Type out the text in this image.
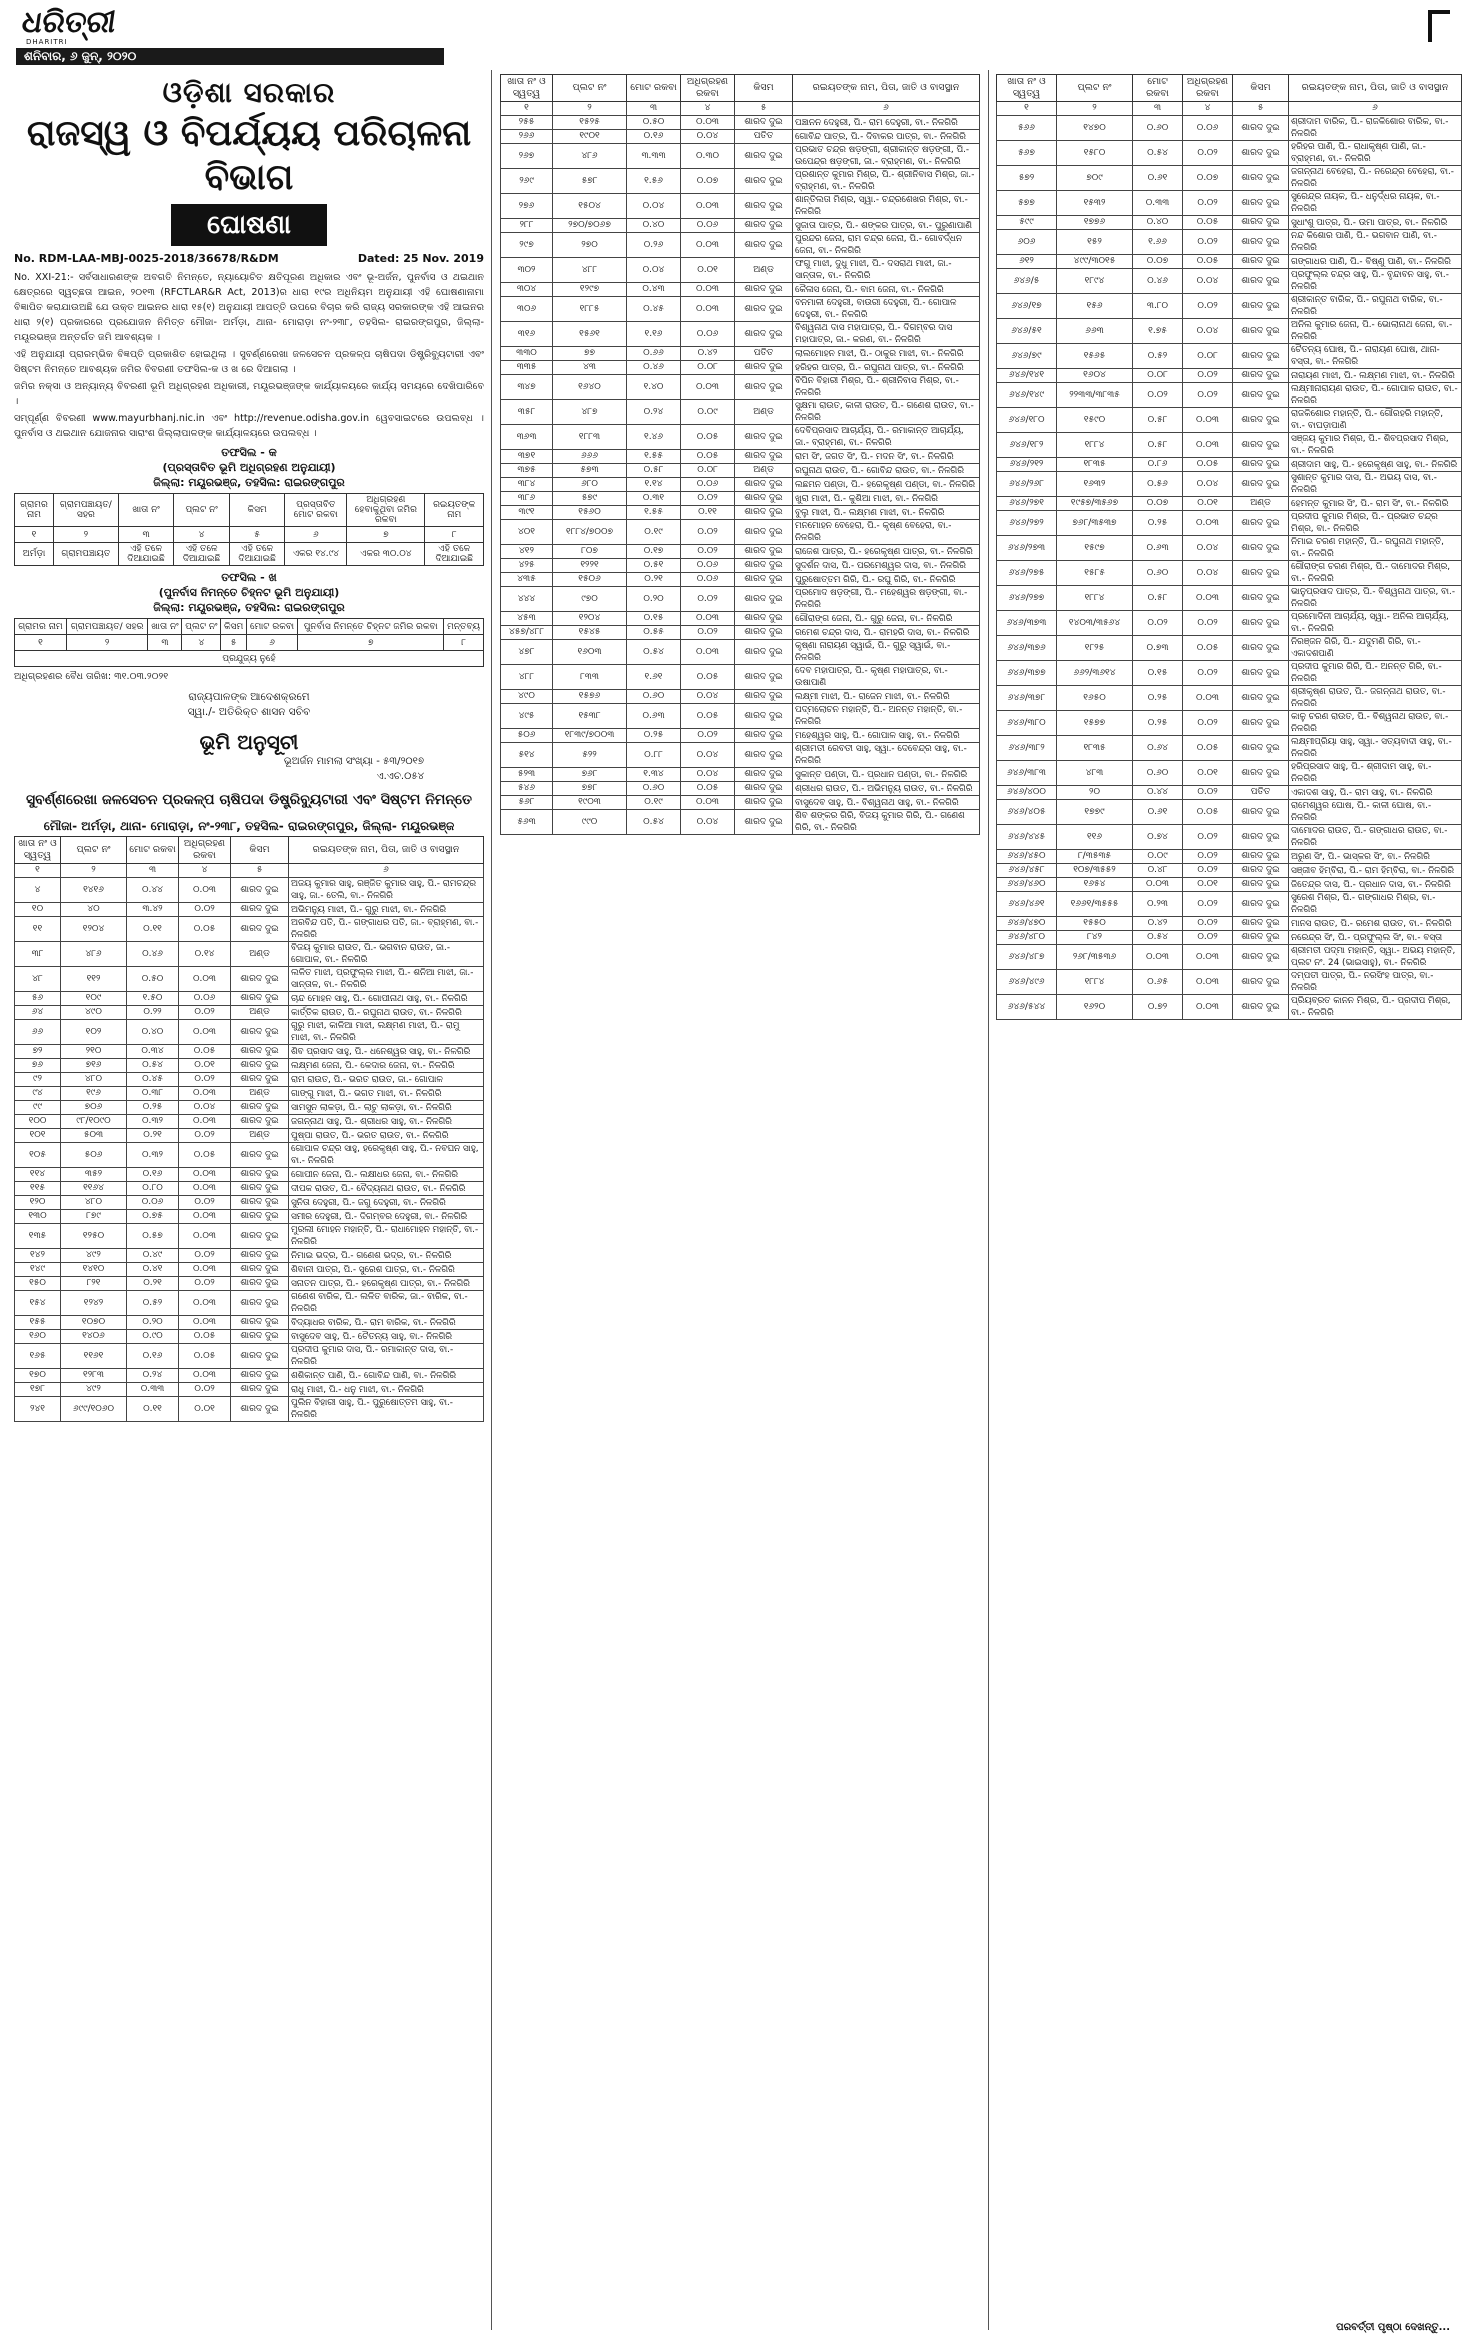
ଧରିତ୍ରୀ
DHARITRI
ଶନିବାର, ୬ ଜୁନ୍, ୨୦୨୦
ଓଡ଼ିଶା ସରକାର
ରାଜସ୍ୱ ଓ ବିପର୍ଯ୍ୟୟ ପରିଚାଳନା ବିଭାଗ
ଘୋଷଣା
No. RDM-LAA-MBJ-0025-2018/36678/R&DM	Dated: 25 Nov. 2019

No. XXI-21:- ସର୍ବସାଧାରଣଙ୍କ ଅବଗତି ନିମନ୍ତେ, ନ୍ୟାୟୋଚିତ କ୍ଷତିପୂରଣ ଅଧିକାର ଏବଂ ଭୂ-ଅର୍ଜନ, ପୁନର୍ବାସ ଓ ଥଇଥାନ କ୍ଷେତ୍ରରେ ସ୍ୱଚ୍ଛତା ଆଇନ, ୨୦୧୩ (RFCTLAR&R Act, 2013)ର ଧାରା ୧୯ର ଅଧିନିୟମ ଅନୁଯାୟୀ ଏହି ଘୋଷଣାନାମା ବିଜ୍ଞାପିତ କରାଯାଉଅଛି ଯେ ଉକ୍ତ ଆଇନର ଧାରା ୧୫(୧) ଅନୁଯାୟୀ ଆପତ୍ତି ଉପରେ ବିଚାର କରି ରାଜ୍ୟ ସରକାରଙ୍କ ଏହି ଆଇନର ଧାରା ୨(୧) ପ୍ରକାରରେ ପ୍ରଯୋଜନ ନିମିତ୍ତ ମୌଜା- ଅର୍ମଡ଼ା, ଥାନା- ମୋରାଡ଼ା ନଂ-୨୩୮, ତହସିଲ- ରାଇରଙ୍ଗପୁର, ଜିଲ୍ଲା- ମୟୂରଭଞ୍ଜ ଅନ୍ତର୍ଗତ ଜମି ଆବଶ୍ୟକ ।

ଏହି ଅନୁଯାୟୀ ପ୍ରାରମ୍ଭିକ ବିଜ୍ଞପ୍ତି ପ୍ରକାଶିତ ହୋଇଥିଲା । ସୁବର୍ଣ୍ଣରେଖା ଜଳସେଚନ ପ୍ରକଳ୍ପ ଚାଷିପଦା ଡିଷ୍ଟ୍ରିବ୍ୟୁଟାରୀ ଏବଂ ସିଷ୍ଟମ ନିମନ୍ତେ ଆବଶ୍ୟକ ଜମିର ବିବରଣୀ ତଫସିଲ-କ ଓ ଖ ରେ ଦିଆଗଲା ।

ଜମିର ନକ୍ସା ଓ ଅନ୍ୟାନ୍ୟ ବିବରଣୀ ଭୂମି ଅଧିଗ୍ରହଣ ଅଧିକାରୀ, ମୟୂରଭଞ୍ଜଙ୍କ କାର୍ଯ୍ୟାଳୟରେ କାର୍ଯ୍ୟ ସମୟରେ ଦେଖିପାରିବେ ।

ସମ୍ପୂର୍ଣ୍ଣ ବିବରଣୀ www.mayurbhanj.nic.in ଏବଂ http://revenue.odisha.gov.in ୱେବସାଇଟରେ ଉପଲବ୍ଧ । ପୁନର୍ବାସ ଓ ଥଇଥାନ ଯୋଜନାର ସାରାଂଶ ଜିଲ୍ଲାପାଳଙ୍କ କାର୍ଯ୍ୟାଳୟରେ ଉପଲବ୍ଧ ।

ତଫସିଲ - କ
(ପ୍ରସ୍ତାବିତ ଭୂମି ଅଧିଗ୍ରହଣ ଅନୁଯାୟୀ)
ଜିଲ୍ଲା: ମୟୂରଭଞ୍ଜ, ତହସିଲ: ରାଇରଙ୍ଗପୁର
ଗ୍ରାମର ନାମ	ଗ୍ରାମପଞ୍ଚାୟତ/ ସହର	ଖାତା ନଂ	ପ୍ଲଟ ନଂ	କିସମ	ପ୍ରସ୍ତାବିତ ମୋଟ ରକବା	ଅଧିଗ୍ରହଣ ହେବାକୁଥିବା ଜମିର ରକବା	ରଇୟତଙ୍କ ନାମ
୧	୨	୩	୪	୫	୬	୭	୮
ଅର୍ମଡ଼ା	ଗ୍ରାମପଞ୍ଚାୟତ	ଏହି ତଳେ ଦିଆଯାଇଛି	ଏହି ତଳେ ଦିଆଯାଇଛି	ଏହି ତଳେ ଦିଆଯାଇଛି	ଏକର ୧୪.୯୪	ଏକର ୩୦.୦୪	ଏହି ତଳେ ଦିଆଯାଇଛି
ତଫସିଲ - ଖ
(ପୁନର୍ବାସ ନିମନ୍ତେ ଚିହ୍ନଟ ଭୂମି ଅନୁଯାୟୀ)
ଜିଲ୍ଲା: ମୟୂରଭଞ୍ଜ, ତହସିଲ: ରାଇରଙ୍ଗପୁର
ଗ୍ରାମର ନାମ	ଗ୍ରାମପଞ୍ଚାୟତ/ ସହର	ଖାତା ନଂ	ପ୍ଲଟ ନଂ	କିସମ	ମୋଟ ରକବା	ପୁନର୍ବାସ ନିମନ୍ତେ ଚିହ୍ନଟ ଜମିର ରକବା	ମନ୍ତବ୍ୟ
୧	୨	୩	୪	୫	୬	୭	୮
ପ୍ରଯୁଜ୍ୟ ନୁହେଁ							
ଅଧିଗ୍ରହଣର ବୈଧ ତାରିଖ: ୩୧.୦୩.୨୦୨୧
ରାଜ୍ୟପାଳଙ୍କ ଆଦେଶକ୍ରମେ
ସ୍ୱା./- ଅତିରିକ୍ତ ଶାସନ ସଚିବ
ଭୂମି ଅନୁସୂଚୀ
ଭୂଅର୍ଜନ ମାମଲା ସଂଖ୍ୟା - ୫୩/୨୦୧୭
ଏ.ଏଚ.୦୫୪
ସୁବର୍ଣ୍ଣରେଖା ଜଳସେଚନ ପ୍ରକଳ୍ପ ଚାଷିପଦା ଡିଷ୍ଟ୍ରିବ୍ୟୁଟାରୀ ଏବଂ ସିଷ୍ଟମ ନିମନ୍ତେ
ମୌଜା- ଅର୍ମଡ଼ା, ଥାନା- ମୋରାଡ଼ା, ନଂ-୨୩୮, ତହସିଲ- ରାଇରଙ୍ଗପୁର, ଜିଲ୍ଲା- ମୟୂରଭଞ୍ଜ
ଖାତା ନଂ ଓ ସ୍ୱତ୍ୱ	ପ୍ଲଟ ନଂ	ମୋଟ ରକବା	ଅଧିଗ୍ରହଣ ରକବା	କିସମ	ରଇୟତଙ୍କ ନାମ, ପିତା, ଜାତି ଓ ବାସସ୍ଥାନ
୧	୨	୩	୪	୫	୬
୪	୧୪୧୬	୦.୪୪	୦.୦୩	ଶାରଦ ଦୁଇ	ଅଜୟ କୁମାର ସାହୁ, ରଞ୍ଜିତ କୁମାର ସାହୁ, ପି.- ରାମଚନ୍ଦ୍ର ସାହୁ, ଜା.- ତେଲି, ବା.- ନିଳଗିରି
୧୦	୪୦	୩.୪୨	୦.୦୨	ଶାରଦ ଦୁଇ	ଅଭିମନ୍ୟୁ ମାଝୀ, ପି.- ଗୁରୁ ମାଝୀ, ବା.- ନିଳଗିରି
୧୧	୧୨୦୪	୦.୧୧	୦.୦୫	ଶାରଦ ଦୁଇ	ଅରବିନ୍ଦ ପତି, ପି.- ଗଙ୍ଗାଧର ପତି, ଜା.- ବ୍ରାହ୍ମଣ, ବା.- ନିଳଗିରି
୩୮	୪୮୬	୦.୪୬	୦.୧୪	ଅଣ୍ଡ	ବିଜୟ କୁମାର ରାଉତ, ପି.- ଭଗବାନ ରାଉତ, ଜା.- ଗୋପାଳ, ବା.- ନିଳଗିରି
୪୮	୧୧୨	୦.୫୦	୦.୦୩	ଶାରଦ ଦୁଇ	ଲଳିତ ମାଝୀ, ପ୍ରଫୁଲ୍ଲ ମାଝୀ, ପି.- ଶନିଆ ମାଝୀ, ଜା.- ସାନ୍ତାଳ, ବା.- ନିଳଗିରି
୫୬	୧୦୯	୧.୫୦	୦.୦୬	ଶାରଦ ଦୁଇ	ଚାନ୍ଦ ମୋହନ ସାହୁ, ପି.- ଗୋପୀନାଥ ସାହୁ, ବା.- ନିଳଗିରି
୬୪	୪୯୦	୦.୨୨	୦.୦୨	ଅଣ୍ଡ	କାର୍ତ୍ତିକ ରାଉତ, ପି.- ରଘୁନାଥ ରାଉତ, ବା.- ନିଳଗିରି
୬୬	୧୦୨	୦.୪୦	୦.୦୩	ଶାରଦ ଦୁଇ	ଗୁରୁ ମାଝୀ, କାଳିଆ ମାଝୀ, ଲକ୍ଷ୍ମଣ ମାଝୀ, ପି.- ରାମୁ ମାଝୀ, ବା.- ନିଳଗିରି
୭୨	୨୧୦	୦.୩୪	୦.୦୫	ଶାରଦ ଦୁଇ	ଶିବ ପ୍ରସାଦ ସାହୁ, ପି.- ଧନେଶ୍ୱର ସାହୁ, ବା.- ନିଳଗିରି
୭୬	୭୧୬	୦.୫୪	୦.୦୧	ଶାରଦ ଦୁଇ	ଲକ୍ଷ୍ମଣ ଜେନା, ପି.- କେଦାର ଜେନା, ବା.- ନିଳଗିରି
୯୨	୪୮୦	୦.୪୫	୦.୦୨	ଶାରଦ ଦୁଇ	ରାମ ରାଉତ, ପି.- ଭରତ ରାଉତ, ଜା.- ଗୋପାଳ
୯୪	୧୯୬	୦.୩୮	୦.୦୩	ଅଣ୍ଡ	ଗାଙ୍ଗୁ ମାଝୀ, ପି.- ଭଗତ ମାଝୀ, ବା.- ନିଳଗିରି
୯୯	୭୦୬	୦.୨୫	୦.୦୪	ଶାରଦ ଦୁଇ	ସାମସୁନ ଲାକଡ଼ା, ପି.- ଲାଚୁ ଲାକଡ଼ା, ବା.- ନିଳଗିରି
୧୦୦	୯୮/୧୦୯୦	୦.୩୨	୦.୦୩	ଶାରଦ ଦୁଇ	ଜଗନ୍ନାଥ ସାହୁ, ପି.- ଶ୍ରୀଧର ସାହୁ, ବା.- ନିଳଗିରି
୧୦୧	୫୦୩	୦.୨୧	୦.୦୨	ଅଣ୍ଡ	ପୁଷ୍ପା ରାଉତ, ପି.- ଭରତ ରାଉତ, ବା.- ନିଳଗିରି
୧୦୫	୫୦୬	୦.୩୨	୦.୦୫	ଶାରଦ ଦୁଇ	ଗୋପାଳ ଚନ୍ଦ୍ର ସାହୁ, ହରେକୃଷ୍ଣ ସାହୁ, ପି.- ନବଘନ ସାହୁ, ବା.- ନିଳଗିରି
୧୧୪	୩୫୨	୦.୧୬	୦.୦୩	ଶାରଦ ଦୁଇ	ଗୋପୀନ ଜେନା, ପି.- ଲକ୍ଷୀଧର ଜେନା, ବା.- ନିଳଗିରି
୧୧୫	୧୧୬୪	୦.୮୦	୦.୦୩	ଶାରଦ ଦୁଇ	ଦୀପକ ରାଉତ, ପି.- ବୈଦ୍ୟନାଥ ରାଉତ, ବା.- ନିଳଗିରି
୧୨୦	୪୮୦	୦.୦୬	୦.୦୨	ଶାରଦ ଦୁଇ	ସୁନିତା ଦେହୁରୀ, ପି.- ଜଗୁ ଦେହୁରୀ, ବା.- ନିଳଗିରି
୧୩୦	୮୭୯	୦.୭୫	୦.୦୩	ଶାରଦ ଦୁଇ	ସମୀର ଦେହୁରୀ, ପି.- ଦିଗମ୍ବର ଦେହୁରୀ, ବା.- ନିଳଗିରି
୧୩୫	୧୨୫୦	୦.୫୭	୦.୦୩	ଶାରଦ ଦୁଇ	ମୁରଲୀ ମୋହନ ମହାନ୍ତି, ପି.- ରାଧାମୋହନ ମହାନ୍ତି, ବା.- ନିଳଗିରି
୧୪୨	୪୯୨	୦.୪୯	୦.୦୨	ଶାରଦ ଦୁଇ	ନିମାଇ ଭଦ୍ର, ପି.- ଗଣେଶ ଭଦ୍ର, ବା.- ନିଳଗିରି
୧୪୯	୧୪୧୦	୦.୪୧	୦.୦୩	ଶାରଦ ଦୁଇ	ଶିବାନୀ ପାତ୍ର, ପି.- ସୁରେଶ ପାତ୍ର, ବା.- ନିଳଗିରି
୧୫୦	୮୨୧	୦.୨୧	୦.୦୨	ଶାରଦ ଦୁଇ	ସନାତନ ପାତ୍ର, ପି.- ହରେକୃଷ୍ଣ ପାତ୍ର, ବା.- ନିଳଗିରି
୧୫୪	୧୨୪୨	୦.୫୨	୦.୦୩	ଶାରଦ ଦୁଇ	ଗଣେଶ ବାରିକ, ପି.- ଲଳିତ ବାରିକ, ଜା.- ବାରିକ, ବା.- ନିଳଗିରି
୧୫୫	୧୦୭୦	୦.୨୦	୦.୦୩	ଶାରଦ ଦୁଇ	ବିଦ୍ୟାଧର ବାରିକ, ପି.- ରାମ ବାରିକ, ବା.- ନିଳଗିରି
୧୬୦	୧୪୦୬	୦.୯୦	୦.୦୫	ଶାରଦ ଦୁଇ	ବାସୁଦେବ ସାହୁ, ପି.- ଚୈତନ୍ୟ ସାହୁ, ବା.- ନିଳଗିରି
୧୬୫	୧୧୬୧	୦.୧୬	୦.୦୫	ଶାରଦ ଦୁଇ	ପ୍ରଦୀପ କୁମାର ଦାସ, ପି.- ରମାକାନ୍ତ ଦାସ, ବା.- ନିଳଗିରି
୧୭୦	୧୨୮୩	୦.୨୪	୦.୦୩	ଶାରଦ ଦୁଇ	ଶଶିକାନ୍ତ ପାଣି, ପି.- ଗୋବିନ୍ଦ ପାଣି, ବା.- ନିଳଗିରି
୧୭୮	୪୯୨	୦.୩୩	୦.୦୨	ଶାରଦ ଦୁଇ	ରାଧୁ ମାଝୀ, ପି.- ଧନୁ ମାଝୀ, ବା.- ନିଳଗିରି
୨୪୧	୬୯୯/୧୦୬୦	୦.୧୧	୦.୦୧	ଶାରଦ ଦୁଇ	ପୁଲିନ ବିହାରୀ ସାହୁ, ପି.- ପୁରୁଷୋତ୍ତମ ସାହୁ, ବା.- ନିଳଗିରି
ଖାତା ନଂ ଓ ସ୍ୱତ୍ୱ	ପ୍ଲଟ ନଂ	ମୋଟ ରକବା	ଅଧିଗ୍ରହଣ ରକବା	କିସମ	ରଇୟତଙ୍କ ନାମ, ପିତା, ଜାତି ଓ ବାସସ୍ଥାନ
୧	୨	୩	୪	୫	୬
୨୫୫	୧୫୨୫	୦.୫୦	୦.୦୩	ଶାରଦ ଦୁଇ	ପଞ୍ଚାନନ ଦେହୁରୀ, ପି.- ରାମ ଦେହୁରୀ, ବା.- ନିଳଗିରି
୨୬୬	୧୯୦୧	୦.୧୬	୦.୦୪	ପତିତ	ଗୋବିନ୍ଦ ପାତ୍ର, ପି.- ଦିବାକର ପାତ୍ର, ବା.- ନିଳଗିରି
୨୬୭	୪୮୬	୩.୩୩	୦.୩୦	ଶାରଦ ଦୁଇ	ପ୍ରଭାତ ଚନ୍ଦ୍ର ଷଡ଼ଙ୍ଗୀ, ଶ୍ରୀକାନ୍ତ ଷଡ଼ଙ୍ଗୀ, ପି.- ଉପେନ୍ଦ୍ର ଷଡ଼ଙ୍ଗୀ, ଜା.- ବ୍ରାହ୍ମଣ, ବା.- ନିଳଗିରି
୨୬୯	୫୭୮	୧.୫୬	୦.୦୭	ଶାରଦ ଦୁଇ	ପ୍ରଶାନ୍ତ କୁମାର ମିଶ୍ର, ପି.- ଶ୍ରୀନିବାସ ମିଶ୍ର, ଜା.- ବ୍ରାହ୍ମଣ, ବା.- ନିଳଗିରି
୨୭୬	୧୫୦୪	୦.୦୪	୦.୦୩	ଶାରଦ ଦୁଇ	ଶାନ୍ତିଲତା ମିଶ୍ର, ସ୍ୱା.- ଚନ୍ଦ୍ରଶେଖର ମିଶ୍ର, ବା.- ନିଳଗିରି
୨୮୮	୨୭୦/୭୦୬୭	୦.୪୦	୦.୦୬	ଶାରଦ ଦୁଇ	ସୁଜାତା ପାତ୍ର, ପି.- ଶଙ୍କର ପାତ୍ର, ବା.- ପୁରୁଣାପାଣି
୨୯୭	୨୭୦	୦.୨୬	୦.୦୩	ଶାରଦ ଦୁଇ	ପୁରନ୍ଦର ଜେନା, ରାମ ଚନ୍ଦ୍ର ଜେନା, ପି.- ଗୋବର୍ଦ୍ଧନ ଜେନା, ବା.- ନିଳଗିରି
୩୦୨	୪୮୮	୦.୦୪	୦.୦୧	ଅଣ୍ଡ	ଫଗୁ ମାଝୀ, ଦୁଧୁ ମାଝୀ, ପି.- ଦସରାଥ ମାଝୀ, ଜା.- ସାନ୍ତାଳ, ବା.- ନିଳଗିରି
୩୦୪	୧୨୯୭	୦.୪୩	୦.୦୩	ଶାରଦ ଦୁଇ	କୈଳାସ ଜେନା, ପି.- ବାମ ଜେନା, ବା.- ନିଳଗିରି
୩୦୬	୧୮୮୫	୦.୪୫	୦.୦୩	ଶାରଦ ଦୁଇ	ବନମାଳୀ ଦେହୁରୀ, ବାଉରୀ ଦେହୁରୀ, ପି.- ଗୋପାଳ ଦେହୁରୀ, ବା.- ନିଳଗିରି
୩୧୬	୧୫୬୧	୧.୧୬	୦.୦୬	ଶାରଦ ଦୁଇ	ବିଶ୍ୱନାଥ ଦାସ ମହାପାତ୍ର, ପି.- ଦିଗମ୍ବର ଦାସ ମହାପାତ୍ର, ଜା.- କରଣ, ବା.- ନିଳଗିରି
୩୩୦	୭୭	୦.୬୬	୦.୪୨	ପତିତ	ଲାଲମୋହନ ମାଝୀ, ପି.- ଠାକୁର ମାଝୀ, ବା.- ନିଳଗିରି
୩୩୫	୪୩	୦.୪୬	୦.୦୮	ଶାରଦ ଦୁଇ	ହରିହର ପାତ୍ର, ପି.- ରଘୁନାଥ ପାତ୍ର, ବା.- ନିଳଗିରି
୩୪୭	୧୬୪୦	୧.୪୦	୦.୦୩	ଶାରଦ ଦୁଇ	ବିପିନ ବିହାରୀ ମିଶ୍ର, ପି.- ଶ୍ରୀନିବାସ ମିଶ୍ର, ବା.- ନିଳଗିରି
୩୫୮	୪୮୭	୦.୨୪	୦.୦୯	ଅଣ୍ଡ	ସୁକ୍ଷମା ରାଉତ, କାଳୀ ରାଉତ, ପି.- ଗଣେଶ ରାଉତ, ବା.- ନିଳଗିରି
୩୬୩	୧୮୮୩	୧.୪୬	୦.୦୫	ଶାରଦ ଦୁଇ	ଦେବିପ୍ରସାଦ ଆଚାର୍ଯ୍ୟ, ପି.- ରମାକାନ୍ତ ଆଚାର୍ଯ୍ୟ, ଜା.- ବ୍ରାହ୍ମଣ, ବା.- ନିଳଗିରି
୩୭୧	୬୬୬	୧.୫୫	୦.୦୫	ଶାରଦ ଦୁଇ	ରାମ ସିଂ, ଜଗତ ସିଂ, ପି.- ମଦନ ସିଂ, ବା.- ନିଳଗିରି
୩୭୫	୫୭୩	୦.୫୮	୦.୦୮	ଅଣ୍ଡ	ରଘୁନାଥ ରାଉତ, ପି.- ଗୋବିନ୍ଦ ରାଉତ, ବା.- ନିଳଗିରି
୩୮୪	୬୮୦	୧.୧୪	୦.୦୬	ଶାରଦ ଦୁଇ	ଲଛମନ ପଣ୍ଡା, ପି.- ହରେକୃଷ୍ଣ ପଣ୍ଡା, ବା.- ନିଳଗିରି
୩୮୬	୫୭୯	୦.୩୧	୦.୦୨	ଶାରଦ ଦୁଇ	ଖୁରା ମାଝୀ, ପି.- କୁଶିଆ ମାଝୀ, ବା.- ନିଳଗିରି
୩୯୧	୧୫୬୦	୧.୫୫	୦.୧୧	ଶାରଦ ଦୁଇ	ବୁଲୁ ମାଝୀ, ପି.- ଲକ୍ଷ୍ମଣ ମାଝୀ, ବା.- ନିଳଗିରି
୪୦୧	୧୮୮୪/୭୦୦୭	୦.୧୯	୦.୦୨	ଶାରଦ ଦୁଇ	ମନମୋହନ ବେହେରା, ପି.- କୃଷ୍ଣ ବେହେରା, ବା.- ନିଳଗିରି
୪୧୨	୮୦୭	୦.୧୭	୦.୦୨	ଶାରଦ ଦୁଇ	ରାଜେଶ ପାତ୍ର, ପି.- ହରେକୃଷ୍ଣ ପାତ୍ର, ବା.- ନିଳଗିରି
୪୨୫	୧୨୨୧	୦.୫୧	୦.୦୬	ଶାରଦ ଦୁଇ	ସୁଦର୍ଶନ ଦାସ, ପି.- ପରମେଶ୍ୱର ଦାସ, ବା.- ନିଳଗିରି
୪୩୫	୧୫୦୬	୦.୨୧	୦.୦୬	ଶାରଦ ଦୁଇ	ପୁରୁଷୋତ୍ତମ ଗିରି, ପି.- ରଘୁ ଗିରି, ବା.- ନିଳଗିରି
୪୪୪	୯୭୦	୦.୨୦	୦.୦୨	ଶାରଦ ଦୁଇ	ପ୍ରମୋଦ ଷଡ଼ଙ୍ଗୀ, ପି.- ମହେଶ୍ୱର ଷଡ଼ଙ୍ଗୀ, ବା.- ନିଳଗିରି
୪୫୩	୧୨୦୪	୦.୧୫	୦.୦୩	ଶାରଦ ଦୁଇ	ଗୌରାଙ୍ଗ ଜେନା, ପି.- ଗୁରୁ ଜେନା, ବା.- ନିଳଗିରି
୪୫୭/୪୮୮	୧୫୪୫	୦.୫୫	୦.୦୨	ଶାରଦ ଦୁଇ	ରମେଶ ଚନ୍ଦ୍ର ଦାସ, ପି.- ରାମହରି ଦାସ, ବା.- ନିଳଗିରି
୪୭୮	୧୬୦୩	୦.୫୪	୦.୦୩	ଶାରଦ ଦୁଇ	କୃଷ୍ଣା ନାରାୟଣ ସ୍ୱାଇଁ, ପି.- ଗୁରୁ ସ୍ୱାଇଁ, ବା.- ନିଳଗିରି
୪୮୮	୮୩୩	୧.୬୧	୦.୦୫	ଶାରଦ ଦୁଇ	ଦେବ ମହାପାତ୍ର, ପି.- କୃଷ୍ଣ ମହାପାତ୍ର, ବା.- ଉଷାପାଣି
୪୯୦	୧୫୭୬	୦.୬୦	୦.୦୪	ଶାରଦ ଦୁଇ	ଲକ୍ଷ୍ମୀ ମାଝୀ, ପି.- ରାଜେନ ମାଝୀ, ବା.- ନିଳଗିରି
୪୯୫	୧୫୩୮	୦.୬୩	୦.୦୫	ଶାରଦ ଦୁଇ	ପଦ୍ମଲୋଚନ ମହାନ୍ତି, ପି.- ଅନନ୍ତ ମହାନ୍ତି, ବା.- ନିଳଗିରି
୫୦୬	୧୮୩୯/୭୦୦୩	୦.୨୫	୦.୦୨	ଶାରଦ ଦୁଇ	ମହେଶ୍ୱର ସାହୁ, ପି.- ଗୋପାଳ ସାହୁ, ବା.- ନିଳଗିରି
୫୧୪	୫୨୨	୦.୮୮	୦.୦୪	ଶାରଦ ଦୁଇ	ଶ୍ରୀମତୀ ରେବତୀ ସାହୁ, ସ୍ୱା.- ଦେବେନ୍ଦ୍ର ସାହୁ, ବା.- ନିଳଗିରି
୫୨୩	୭୬୮	୧.୩୪	୦.୦୪	ଶାରଦ ଦୁଇ	ସୁକାନ୍ତ ପଣ୍ଡା, ପି.- ପ୍ରଧାନ ପଣ୍ଡା, ବା.- ନିଳଗିରି
୫୪୬	୭୭୮	୦.୬୦	୦.୦୫	ଶାରଦ ଦୁଇ	ଶ୍ରୀଧର ରାଉତ, ପି.- ଅଭିମନ୍ୟୁ ରାଉତ, ବା.- ନିଳଗିରି
୫୬୮	୧୯୦୩	୦.୧୯	୦.୦୩	ଶାରଦ ଦୁଇ	ବାସୁଦେବ ସାହୁ, ପି.- ବିଶ୍ୱନାଥ ସାହୁ, ବା.- ନିଳଗିରି
୫୬୩	୯୯୦	୦.୫୪	୦.୦୪	ଶାରଦ ଦୁଇ	ଶିବ ଶଙ୍କର ଗିରି, ବିଜୟ କୁମାର ଗିରି, ପି.- ଗଣେଶ ଗିରି, ବା.- ନିଳଗିରି
ଖାତା ନଂ ଓ ସ୍ୱତ୍ୱ	ପ୍ଲଟ ନଂ	ମୋଟ ରକବା	ଅଧିଗ୍ରହଣ ରକବା	କିସମ	ରଇୟତଙ୍କ ନାମ, ପିତା, ଜାତି ଓ ବାସସ୍ଥାନ
୧	୨	୩	୪	୫	୬
୫୬୬	୧୪୭୦	୦.୬୦	୦.୦୬	ଶାରଦ ଦୁଇ	ଶ୍ରୀଦାମ ବାରିକ, ପି.- ରାଜକିଶୋର ବାରିକ, ବା.- ନିଳଗିରି
୫୬୭	୧୫୮୦	୦.୫୪	୦.୦୨	ଶାରଦ ଦୁଇ	ହରିହର ପାଣି, ପି.- ରାଧାକୃଷ୍ଣ ପାଣି, ଜା.- ବ୍ରାହ୍ମଣ, ବା.- ନିଳଗିରି
୫୭୨	୭୦୯	୦.୬୧	୦.୦୭	ଶାରଦ ଦୁଇ	ଜଗନ୍ନାଥ ବେହେରା, ପି.- ନରେନ୍ଦ୍ର ବେହେରା, ବା.- ନିଳଗିରି
୫୭୭	୧୫୩୨	୦.୩୩	୦.୦୨	ଶାରଦ ଦୁଇ	ସୁରେନ୍ଦ୍ର ନାୟକ, ପି.- ଧନୁର୍ଦ୍ଧର ନାୟକ, ବା.- ନିଳଗିରି
୫୯୯	୧୭୭୬	୦.୪୦	୦.୦୫	ଶାରଦ ଦୁଇ	ସୁଧାଂଶୁ ପାତ୍ର, ପି.- ଉମା ପାତ୍ର, ବା.- ନିଳଗିରି
୬୦୬	୧୫୨	୧.୬୬	୦.୦୨	ଶାରଦ ଦୁଇ	ନନ୍ଦ କିଶୋର ପାଣି, ପି.- ଭଗବାନ ପାଣି, ବା.- ନିଳଗିରି
୬୧୨	୪୯୯/୩୦୧୫	୦.୦୭	୦.୦୫	ଶାରଦ ଦୁଇ	ଗଙ୍ଗାଧର ପାଣି, ପି.- ବିଷ୍ଣୁ ପାଣି, ବା.- ନିଳଗିରି
୬୪୬/୫	୧୮୯୪	୦.୪୬	୦.୦୪	ଶାରଦ ଦୁଇ	ପ୍ରଫୁଲ୍ଲ ଚନ୍ଦ୍ର ସାହୁ, ପି.- ବୃନ୍ଦାବନ ସାହୁ, ବା.- ନିଳଗିରି
୬୪୬/୧୭	୧୫୬	୩.୮୦	୦.୦୨	ଶାରଦ ଦୁଇ	ଶ୍ରୀକାନ୍ତ ବାରିକ, ପି.- ରଘୁନାଥ ବାରିକ, ବା.- ନିଳଗିରି
୬୪୬/୫୧	୬୬୩	୧.୭୫	୦.୦୪	ଶାରଦ ଦୁଇ	ଅନିଲ କୁମାର ଜେନା, ପି.- ଭୋଲାନାଥ ଜେନା, ବା.- ନିଳଗିରି
୬୪୬/୭୯	୧୫୬୫	୦.୫୨	୦.୦୮	ଶାରଦ ଦୁଇ	ଚୈତନ୍ୟ ଘୋଷ, ପି.- ନାରାୟଣ ଘୋଷ, ଥାନା- ବସ୍ତା, ବା.- ନିଳଗିରି
୬୪୬/୧୪୧	୧୬୦୪	୦.୦୮	୦.୦୨	ଶାରଦ ଦୁଇ	ନାରାୟଣ ମାଝୀ, ପି.- ଲକ୍ଷ୍ମଣ ମାଝୀ, ବା.- ନିଳଗିରି
୬୪୬/୧୪୯	୨୨୩୩/୩୮୩୫	୦.୦୨	୦.୦୨	ଶାରଦ ଦୁଇ	ଲକ୍ଷ୍ମୀନାରାୟଣ ରାଉତ, ପି.- ଗୋପାଳ ରାଉତ, ବା.- ନିଳଗିରି
୬୪୬/୧୮୦	୧୫୯୦	୦.୫୮	୦.୦୩	ଶାରଦ ଦୁଇ	ରାଜକିଶୋର ମହାନ୍ତି, ପି.- ଗୌରହରି ମହାନ୍ତି, ବା.- ବାଘଡ଼ାପାଣି
୬୪୬/୧୮୨	୧୮୮୪	୦.୫୮	୦.୦୩	ଶାରଦ ଦୁଇ	ସଞ୍ଜୟ କୁମାର ମିଶ୍ର, ପି.- ଶିବପ୍ରସାଦ ମିଶ୍ର, ବା.- ନିଳଗିରି
୬୪୬/୨୧୨	୧୮୩୫	୦.୮୬	୦.୦୫	ଶାରଦ ଦୁଇ	ଶ୍ରୀଦାମ ସାହୁ, ପି.- ହରେକୃଷ୍ଣ ସାହୁ, ବା.- ନିଳଗିରି
୬୪୬/୨୬୮	୧୬୩୨	୦.୫୬	୦.୦୪	ଶାରଦ ଦୁଇ	ସୁଶାନ୍ତ କୁମାର ଦାସ, ପି.- ଅଭୟ ଦାସ, ବା.- ନିଳଗିରି
୬୪୬/୨୭୧	୧୯୫୭/୩୫୬୭	୦.୦୭	୦.୦୧	ଅଣ୍ଡ	ହେମନ୍ତ କୁମାର ସିଂ, ପି.- ରାମ ସିଂ, ବା.- ନିଳଗିରି
୬୪୬/୨୭୨	୭୬୮/୩୫୩୭	୦.୨୫	୦.୦୩	ଶାରଦ ଦୁଇ	ପ୍ରଦୀପ କୁମାର ମିଶ୍ର, ପି.- ପ୍ରଭାତ ଚନ୍ଦ୍ର ମିଶ୍ର, ବା.- ନିଳଗିରି
୬୪୬/୨୭୩	୧୫୯୭	୦.୬୩	୦.୦୪	ଶାରଦ ଦୁଇ	ନିମାଇ ଚରଣ ମହାନ୍ତି, ପି.- ରଘୁନାଥ ମହାନ୍ତି, ବା.- ନିଳଗିରି
୬୪୬/୨୭୫	୧୫୮୫	୦.୬୦	୦.୦୪	ଶାରଦ ଦୁଇ	ଗୌରାଙ୍ଗ ଚରଣ ମିଶ୍ର, ପି.- ଦାମୋଦର ମିଶ୍ର, ବା.- ନିଳଗିରି
୬୪୬/୨୭୭	୧୮୮୪	୦.୫୮	୦.୦୩	ଶାରଦ ଦୁଇ	ଭାନୁପ୍ରସାଦ ପାତ୍ର, ପି.- ବିଶ୍ୱନାଥ ପାତ୍ର, ବା.- ନିଳଗିରି
୬୪୬/୩୭୩	୧୪୦୩/୩୫୬୪	୦.୦୨	୦.୦୨	ଶାରଦ ଦୁଇ	ପ୍ରମୋଦିନୀ ଆଚାର୍ଯ୍ୟ, ସ୍ୱା.- ଅନିଲ ଆଚାର୍ଯ୍ୟ, ବା.- ନିଳଗିରି
୬୪୬/୩୭୬	୧୮୨୫	୦.୭୩	୦.୦୫	ଶାରଦ ଦୁଇ	ନିରଞ୍ଜନ ଗିରି, ପି.- ଯଦୁମଣି ଗିରି, ବା.- ଏକାଦଶପାଣି
୬୪୬/୩୭୭	୬୬୨/୩୬୧୪	୦.୧୫	୦.୦୨	ଶାରଦ ଦୁଇ	ପ୍ରଦୀପ କୁମାର ଗିରି, ପି.- ଅନନ୍ତ ଗିରି, ବା.- ନିଳଗିରି
୬୪୬/୩୭୮	୧୬୫୦	୦.୨୫	୦.୦୩	ଶାରଦ ଦୁଇ	ଶ୍ରୀକୃଷ୍ଣ ରାଉତ, ପି.- ଜଗନ୍ନାଥ ରାଉତ, ବା.- ନିଳଗିରି
୬୪୬/୩୮୦	୧୫୭୭	୦.୨୫	୦.୦୨	ଶାରଦ ଦୁଇ	କାଳୁ ଚରଣ ରାଉତ, ପି.- ବିଶ୍ୱନାଥ ରାଉତ, ବା.- ନିଳଗିରି
୬୪୬/୩୮୨	୧୮୩୫	୦.୬୪	୦.୦୫	ଶାରଦ ଦୁଇ	ଲକ୍ଷ୍ମୀପ୍ରିୟା ସାହୁ, ସ୍ୱା.- ସତ୍ୟବାଦୀ ସାହୁ, ବା.- ନିଳଗିରି
୬୪୬/୩୮୩	୪୮୩	୦.୬୦	୦.୦୧	ଶାରଦ ଦୁଇ	ହରିପ୍ରସାଦ ସାହୁ, ପି.- ଶ୍ରୀଦାମ ସାହୁ, ବା.- ନିଳଗିରି
୬୪୬/୪୦୦	୨୦	୦.୪୪	୦.୦୨	ପତିତ	ଏକାଦଶ ସାହୁ, ପି.- ରାମ ସାହୁ, ବା.- ନିଳଗିରି
୬୪୬/୪୦୫	୧୭୭୯	୦.୬୧	୦.୦୫	ଶାରଦ ଦୁଇ	ରାମେଶ୍ୱର ଘୋଷ, ପି.- କାଳୀ ଘୋଷ, ବା.- ନିଳଗିରି
୬୪୬/୪୪୫	୧୧୬	୦.୭୪	୦.୦୨	ଶାରଦ ଦୁଇ	ଦାମୋଦର ରାଉତ, ପି.- ଗଙ୍ଗାଧର ରାଉତ, ବା.- ନିଳଗିରି
୬୪୬/୪୫୦	୮/୩୫୩୫	୦.୦୯	୦.୦୨	ଶାରଦ ଦୁଇ	ଅରୁଣ ସିଂ, ପି.- ଭାସ୍କର ସିଂ, ବା.- ନିଳଗିରି
୬୪୬/୪୫୮	୧୦୭/୩୫୫୨	୦.୪୮	୦.୦୨	ଶାରଦ ଦୁଇ	ସଞ୍ଜୀବ ହିମ୍ବିରା, ପି.- ରାମ ହିମ୍ବିରା, ବା.- ନିଳଗିରି
୬୪୬/୪୬୦	୧୬୫୪	୦.୦୩	୦.୦୧	ଶାରଦ ଦୁଇ	ଜିତେନ୍ଦ୍ର ଦାସ, ପି.- ପ୍ରଧାନ ଦାସ, ବା.- ନିଳଗିରି
୬୪୬/୪୬୧	୧୬୬୧/୩୫୫୫	୦.୨୩	୦.୦୨	ଶାରଦ ଦୁଇ	ସୁରେଶ ମିଶ୍ର, ପି.- ଗଙ୍ଗାଧର ମିଶ୍ର, ବା.- ନିଳଗିରି
୬୪୬/୪୭୦	୧୫୫୦	୦.୪୨	୦.୦୨	ଶାରଦ ଦୁଇ	ମାନସ ରାଉତ, ପି.- ରମେଶ ରାଉତ, ବା.- ନିଳଗିରି
୬୪୬/୪୮୦	୮୪୨	୦.୫୪	୦.୦୨	ଶାରଦ ଦୁଇ	ନରେନ୍ଦ୍ର ସିଂ, ପି.- ପ୍ରଫୁଲ୍ଲ ସିଂ, ବା.- ବସ୍ତା
୬୪୬/୪୮୭	୨୬୮/୩୫୩୬	୦.୦୩	୦.୦୩	ଶାରଦ ଦୁଇ	ଶ୍ରୀମତୀ ପଦ୍ମା ମହାନ୍ତି, ସ୍ୱା.- ଅଭୟ ମହାନ୍ତି, ପ୍ଲଟ ନଂ. 24 (ଭାଇସାହୁ), ବା.- ନିଳଗିରି
୬୪୬/୪୯୬	୧୮୮୪	୦.୬୫	୦.୦୩	ଶାରଦ ଦୁଇ	ଦମ୍ପତୀ ପାତ୍ର, ପି.- ନରସିଂହ ପାତ୍ର, ବା.- ନିଳଗିରି
୬୪୬/୫୪୪	୧୬୨୦	୦.୭୨	୦.୦୩	ଶାରଦ ଦୁଇ	ପ୍ରିୟବ୍ରତ କାନନ ମିଶ୍ର, ପି.- ପ୍ରଦୀପ ମିଶ୍ର, ବା.- ନିଳଗିରି
ପରବର୍ତ୍ତୀ ପୃଷ୍ଠା ଦେଖନ୍ତୁ...
